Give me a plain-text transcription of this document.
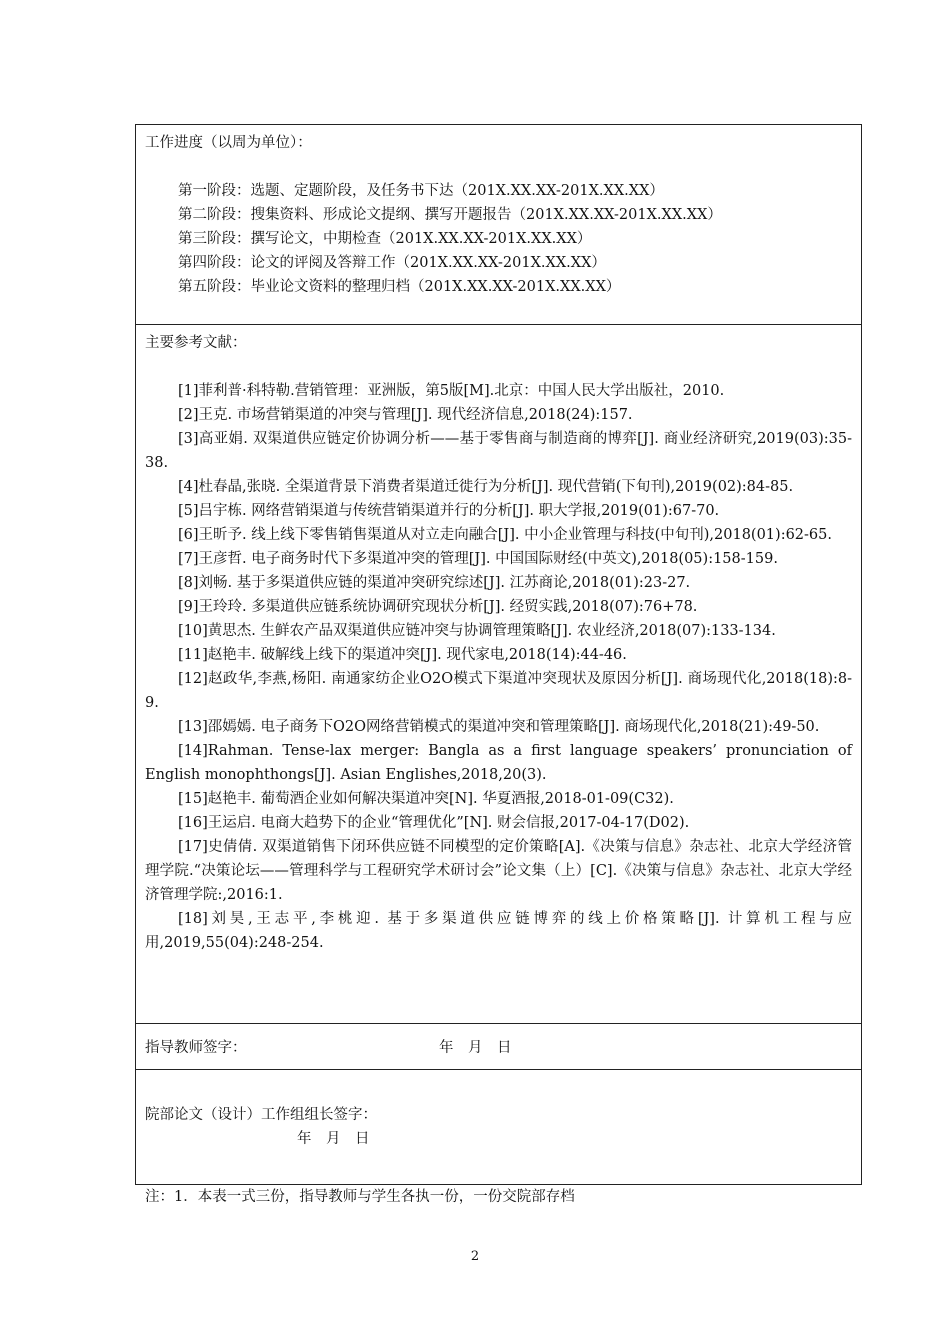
工作进度（以周为单位）：
第一阶段：选题、定题阶段，及任务书下达（201X.XX.XX-201X.XX.XX）
第二阶段：搜集资料、形成论文提纲、撰写开题报告（201X.XX.XX-201X.XX.XX）
第三阶段：撰写论文，中期检查（201X.XX.XX-201X.XX.XX）
第四阶段：论文的评阅及答辩工作（201X.XX.XX-201X.XX.XX）
第五阶段：毕业论文资料的整理归档（201X.XX.XX-201X.XX.XX）
主要参考文献：
[1]菲利普·科特勒.营销管理：亚洲版，第5版[M].北京：中国人民大学出版社，2010.
[2]王克. 市场营销渠道的冲突与管理[J]. 现代经济信息,2018(24):157.
[3]高亚娟. 双渠道供应链定价协调分析——基于零售商与制造商的博弈[J]. 商业经济研究,2019(03):35-38.
[4]杜春晶,张晓. 全渠道背景下消费者渠道迁徙行为分析[J]. 现代营销(下旬刊),2019(02):84-85.
[5]吕宇栋. 网络营销渠道与传统营销渠道并行的分析[J]. 职大学报,2019(01):67-70.
[6]王昕予. 线上线下零售销售渠道从对立走向融合[J]. 中小企业管理与科技(中旬刊),2018(01):62-65.
[7]王彦哲. 电子商务时代下多渠道冲突的管理[J]. 中国国际财经(中英文),2018(05):158-159.
[8]刘畅. 基于多渠道供应链的渠道冲突研究综述[J]. 江苏商论,2018(01):23-27.
[9]王玲玲. 多渠道供应链系统协调研究现状分析[J]. 经贸实践,2018(07):76+78.
[10]黄思杰. 生鲜农产品双渠道供应链冲突与协调管理策略[J]. 农业经济,2018(07):133-134.
[11]赵艳丰. 破解线上线下的渠道冲突[J]. 现代家电,2018(14):44-46.
[12]赵政华,李燕,杨阳. 南通家纺企业O2O模式下渠道冲突现状及原因分析[J]. 商场现代化,2018(18):8-9.
[13]邵嫣嫣. 电子商务下O2O网络营销模式的渠道冲突和管理策略[J]. 商场现代化,2018(21):49-50.
[14]Rahman. Tense-lax merger: Bangla as a first language speakers’ pronunciation of English monophthongs[J]. Asian Englishes,2018,20(3).
[15]赵艳丰. 葡萄酒企业如何解决渠道冲突[N]. 华夏酒报,2018-01-09(C32).
[16]王运启. 电商大趋势下的企业“管理优化”[N]. 财会信报,2017-04-17(D02).
[17]史倩倩. 双渠道销售下闭环供应链不同模型的定价策略[A].《决策与信息》杂志社、北京大学经济管理学院.“决策论坛——管理科学与工程研究学术研讨会”论文集（上）[C].《决策与信息》杂志社、北京大学经济管理学院:,2016:1.
[18]刘昊,王志平,李桃迎. 基于多渠道供应链博弈的线上价格策略[J]. 计算机工程与应用,2019,55(04):248-254.
指导教师签字：	年　月　日
院部论文（设计）工作组组长签字：
年　月　日
注：1．本表一式三份，指导教师与学生各执一份，一份交院部存档
2
